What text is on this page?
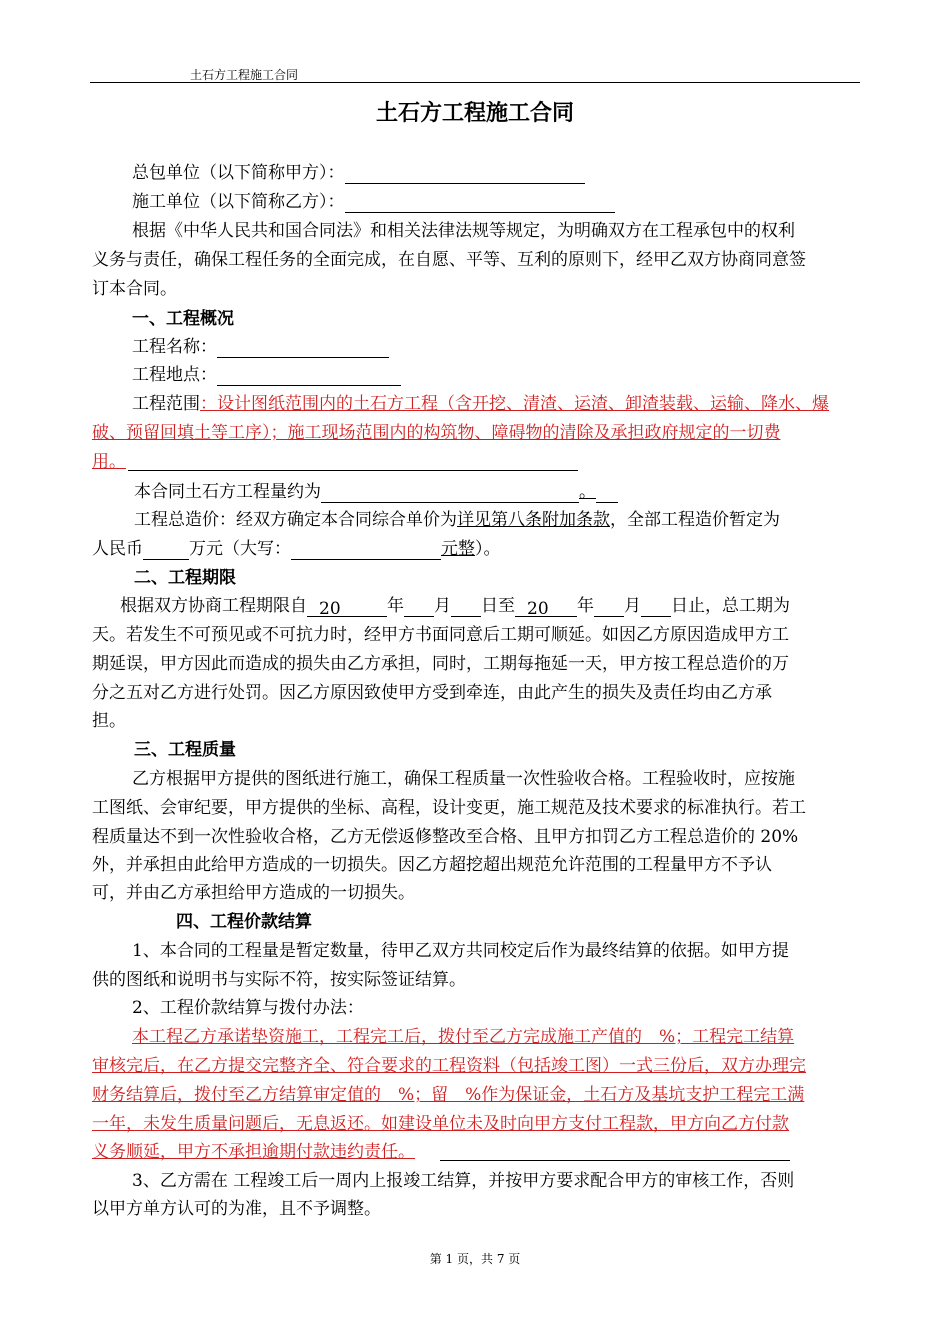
土石方工程施工合同
土石方工程施工合同
总包单位（以下简称甲方）：
施工单位（以下简称乙方）：
根据《中华人民共和国合同法》和相关法律法规等规定，为明确双方在工程承包中的权利
义务与责任，确保工程任务的全面完成，在自愿、平等、互利的原则下，经甲乙双方协商同意签
订本合同。
一、工程概况
工程名称：
工程地点：
工程范围：设计图纸范围内的土石方工程（含开挖、清渣、运渣、卸渣装载、运输、降水、爆
破、预留回填土等工序）；施工现场范围内的构筑物、障碍物的清除及承担政府规定的一切费
用。
本合同土石方工程量约为	。
工程总造价：经双方确定本合同综合单价为详见第八条附加条款，全部工程造价暂定为
人民币	万元（大写：	元整）。
二、工程期限
根据双方协商工程期限自 20	年 月 日至 20 年 月 日止，总工期为
天。若发生不可预见或不可抗力时，经甲方书面同意后工期可顺延。如因乙方原因造成甲方工
期延误，甲方因此而造成的损失由乙方承担，同时，工期每拖延一天，甲方按工程总造价的万
分之五对乙方进行处罚。因乙方原因致使甲方受到牵连，由此产生的损失及责任均由乙方承
担。
三、工程质量
乙方根据甲方提供的图纸进行施工，确保工程质量一次性验收合格。工程验收时，应按施
工图纸、会审纪要，甲方提供的坐标、高程，设计变更，施工规范及技术要求的标准执行。若工
程质量达不到一次性验收合格，乙方无偿返修整改至合格、且甲方扣罚乙方工程总造价的 20%
外，并承担由此给甲方造成的一切损失。因乙方超挖超出规范允许范围的工程量甲方不予认
可，并由乙方承担给甲方造成的一切损失。
四、工程价款结算
1、本合同的工程量是暂定数量，待甲乙双方共同校定后作为最终结算的依据。如甲方提
供的图纸和说明书与实际不符，按实际签证结算。
2、工程价款结算与拨付办法：
本工程乙方承诺垫资施工，工程完工后，拨付至乙方完成施工产值的　%；工程完工结算
审核完后，在乙方提交完整齐全、符合要求的工程资料（包括竣工图）一式三份后，双方办理完
财务结算后，拨付至乙方结算审定值的　%；留　%作为保证金，土石方及基坑支护工程完工满
一年，未发生质量问题后，无息返还。如建设单位未及时向甲方支付工程款，甲方向乙方付款
义务顺延，甲方不承担逾期付款违约责任。
3、乙方需在 工程竣工后一周内上报竣工结算，并按甲方要求配合甲方的审核工作，否则
以甲方单方认可的为准，且不予调整。
第 1 页，共 7 页
